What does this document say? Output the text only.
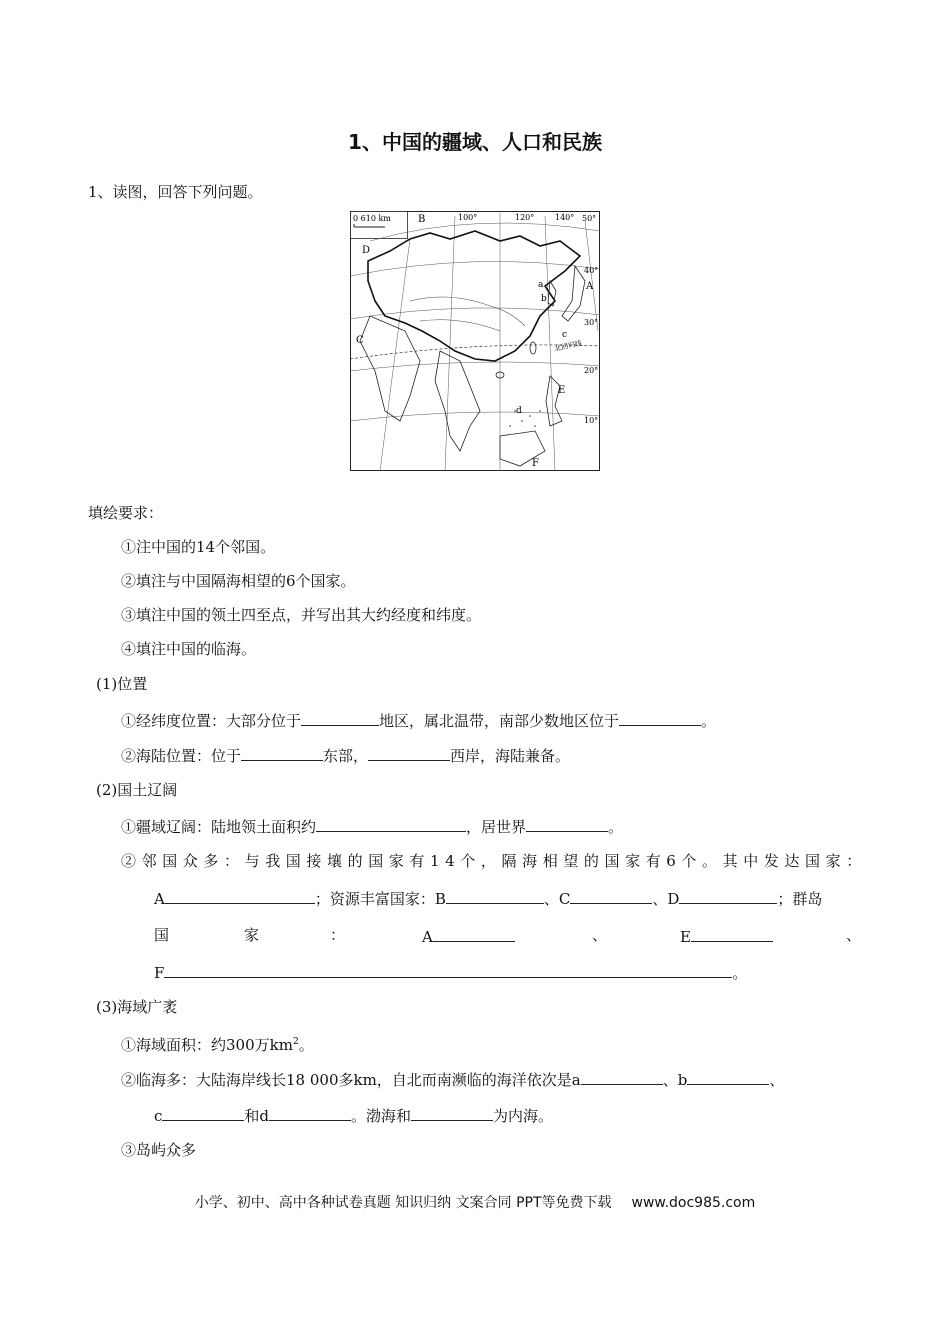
1、中国的疆域、人口和民族
1、读图，回答下列问题。
0 610 km	100°	120°	140° 50°
40°
30°
20°
10°
北回归线
A
B
C
D
E
F
a
b
c
d
填绘要求：
①注中国的14个邻国。
②填注与中国隔海相望的6个国家。
③填注中国的领土四至点，并写出其大约经度和纬度。
④填注中国的临海。
(1)位置
①经纬度位置：大部分位于	地区，属北温带，南部少数地区位于	。
②海陆位置：位于	东部，	西岸，海陆兼备。
(2)国土辽阔
①疆域辽阔：陆地领土面积约	，居世界	。
②邻国众多：与我国接壤的国家有14个，隔海相望的国家有6个。其中发达国家：
A	；资源丰富国家：B	、C	、D	；群岛
国	家	：	A	、	E	、
F	。
(3)海域广袤
①海域面积：约300万$km^2$。
②临海多：大陆海岸线长18 000多km，自北而南濒临的海洋依次是a	、b	、
c	和d	。渤海和	为内海。
③岛屿众多
小学、初中、高中各种试卷真题 知识归纳 文案合同 PPT等免费下载 www.doc985.com
